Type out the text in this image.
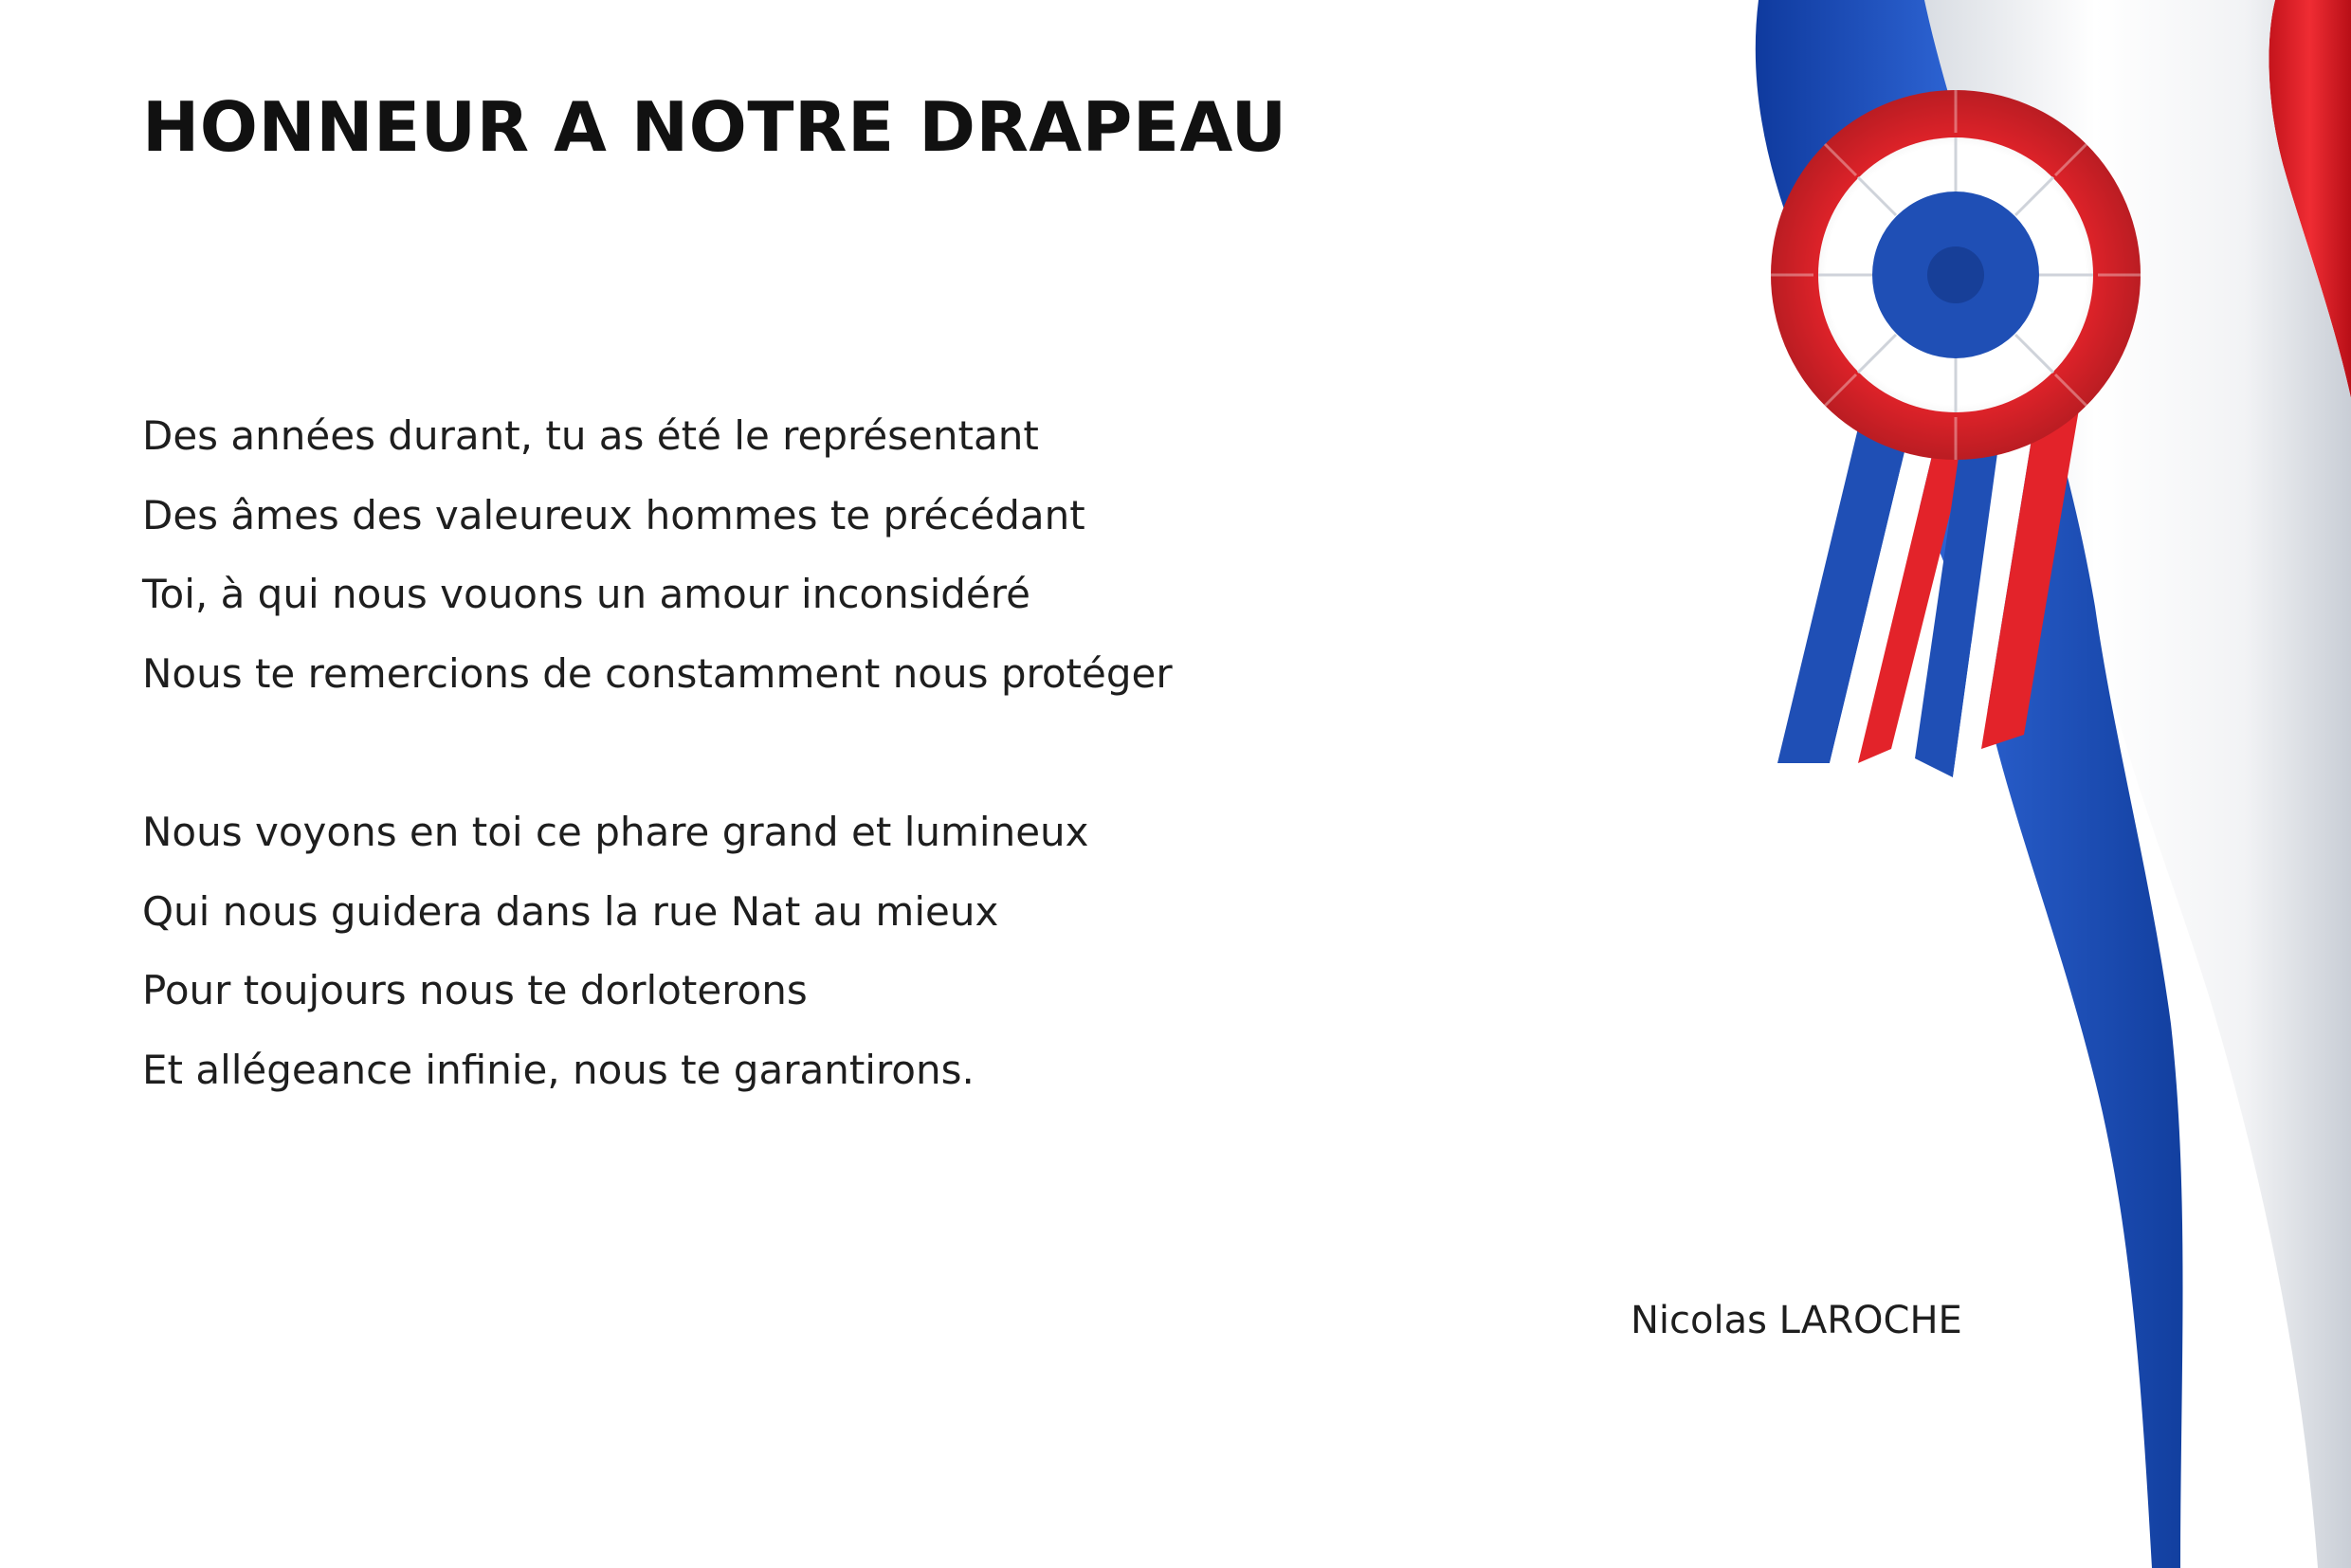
HONNEUR A NOTRE DRAPEAU
Des années durant, tu as été le représentant
Des âmes des valeureux hommes te précédant
Toi, à qui nous vouons un amour inconsidéré
Nous te remercions de constamment nous protéger
Nous voyons en toi ce phare grand et lumineux
Qui nous guidera dans la rue Nat au mieux
Pour toujours nous te dorloterons
Et allégeance infinie, nous te garantirons.
Nicolas LAROCHE
